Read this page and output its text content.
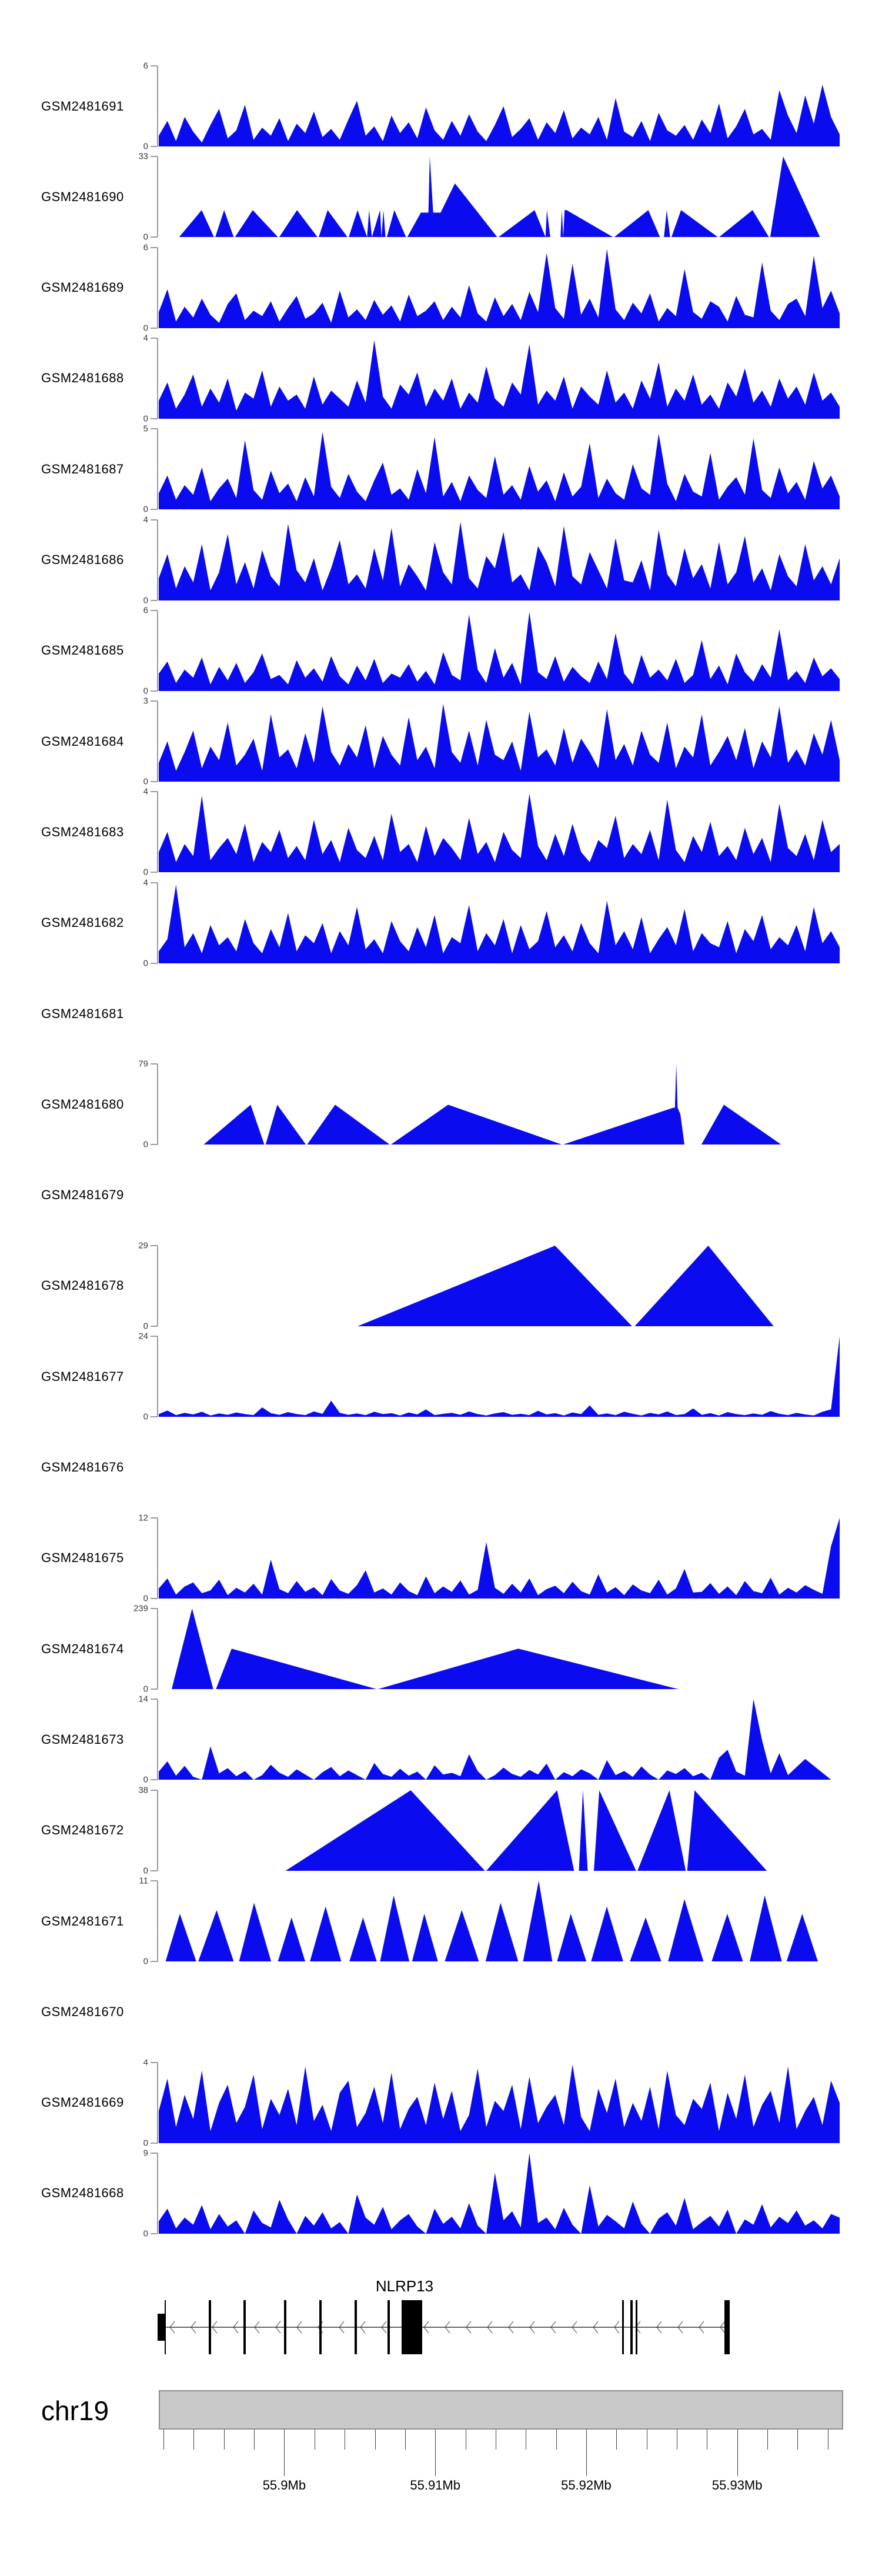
GSM2481691
6
0
GSM2481690
33
0
GSM2481689
6
0
GSM2481688
4
0
GSM2481687
5
0
GSM2481686
4
0
GSM2481685
6
0
GSM2481684
3
0
GSM2481683
4
0
GSM2481682
4
0
GSM2481681
GSM2481680
79
0
GSM2481679
GSM2481678
29
0
GSM2481677
24
0
GSM2481676
GSM2481675
12
0
GSM2481674
239
0
GSM2481673
14
0
GSM2481672
38
0
GSM2481671
11
0
GSM2481670
GSM2481669
4
0
GSM2481668
9
0
NLRP13
chr19
55.9Mb	55.91Mb	55.92Mb	55.93Mb
